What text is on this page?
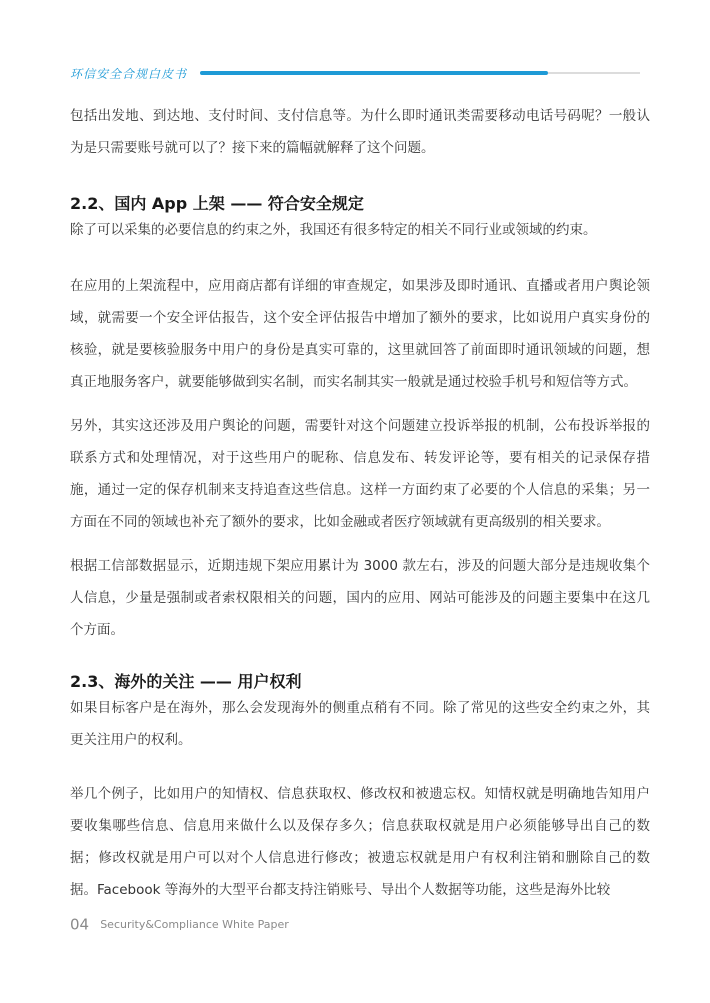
环信安全合规白皮书

包括出发地、到达地、支付时间、支付信息等。为什么即时通讯类需要移动电话号码呢？一般认为是只需要账号就可以了？接下来的篇幅就解释了这个问题。

2.2、国内 App 上架 —— 符合安全规定

除了可以采集的必要信息的约束之外，我国还有很多特定的相关不同行业或领域的约束。

在应用的上架流程中，应用商店都有详细的审查规定，如果涉及即时通讯、直播或者用户舆论领域，就需要一个安全评估报告，这个安全评估报告中增加了额外的要求，比如说用户真实身份的核验，就是要核验服务中用户的身份是真实可靠的，这里就回答了前面即时通讯领域的问题，想真正地服务客户，就要能够做到实名制，而实名制其实一般就是通过校验手机号和短信等方式。

另外，其实这还涉及用户舆论的问题，需要针对这个问题建立投诉举报的机制，公布投诉举报的联系方式和处理情况，对于这些用户的昵称、信息发布、转发评论等，要有相关的记录保存措施，通过一定的保存机制来支持追查这些信息。这样一方面约束了必要的个人信息的采集；另一方面在不同的领域也补充了额外的要求，比如金融或者医疗领域就有更高级别的相关要求。

根据工信部数据显示，近期违规下架应用累计为 3000 款左右，涉及的问题大部分是违规收集个人信息，少量是强制或者索权限相关的问题，国内的应用、网站可能涉及的问题主要集中在这几个方面。

2.3、海外的关注 —— 用户权利

如果目标客户是在海外，那么会发现海外的侧重点稍有不同。除了常见的这些安全约束之外，其更关注用户的权利。

举几个例子，比如用户的知情权、信息获取权、修改权和被遗忘权。知情权就是明确地告知用户要收集哪些信息、信息用来做什么以及保存多久；信息获取权就是用户必须能够导出自己的数据；修改权就是用户可以对个人信息进行修改；被遗忘权就是用户有权利注销和删除自己的数据。Facebook 等海外的大型平台都支持注销账号、导出个人数据等功能，这些是海外比较

04 Security&Compliance White Paper
